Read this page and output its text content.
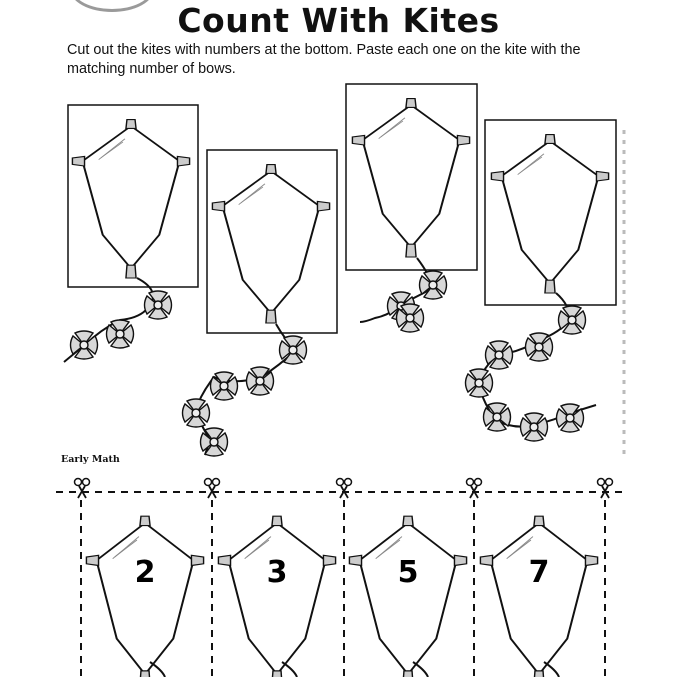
Count With Kites
Cut out the kites with numbers at the bottom. Paste each one on the kite with the matching number of bows.
Early Math
2	3	5	7
